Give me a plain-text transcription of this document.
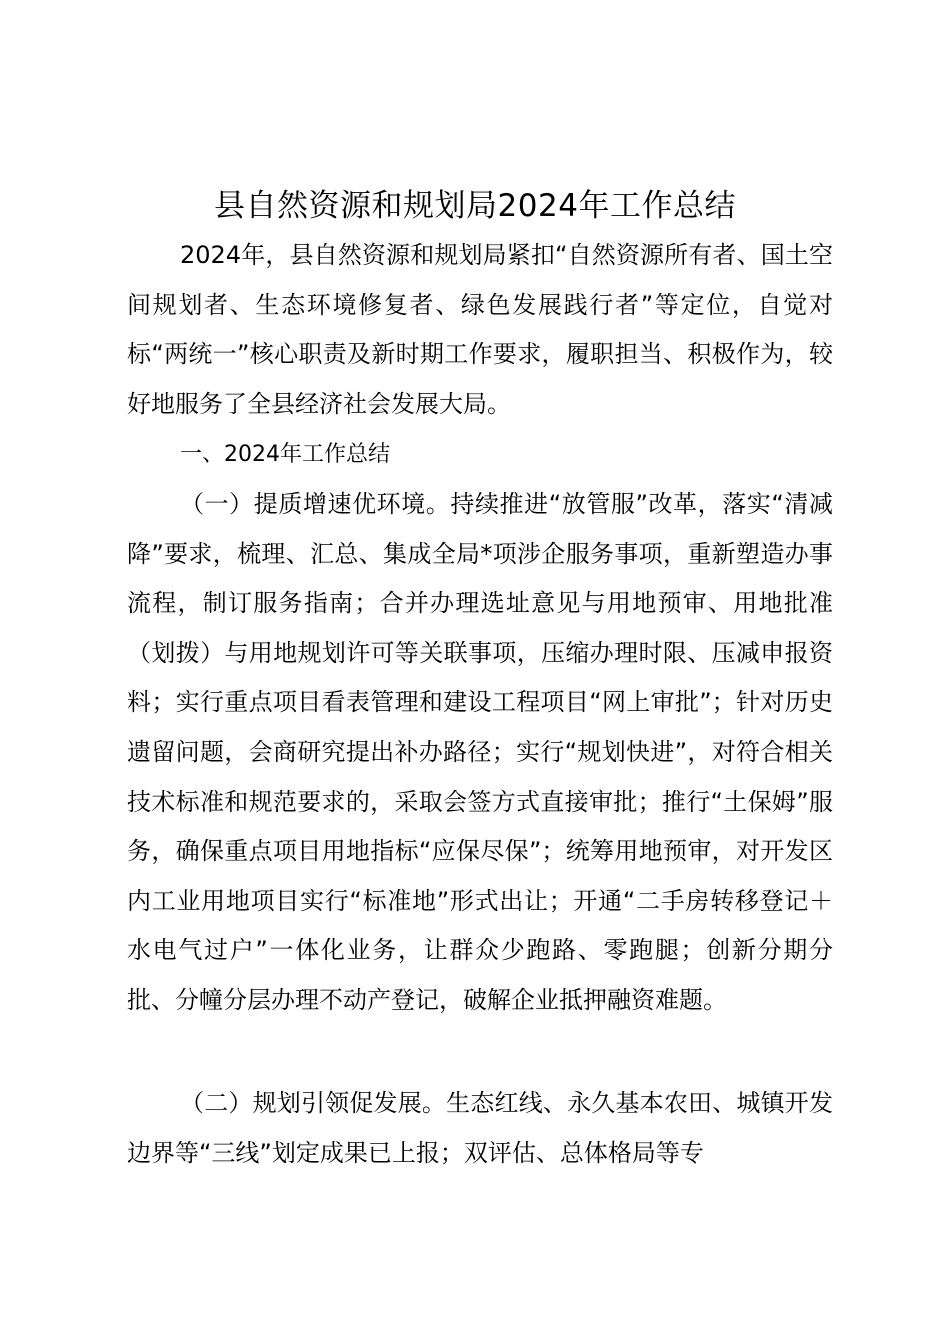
县自然资源和规划局2024年工作总结
2024年，县自然资源和规划局紧扣“自然资源所有者、国土空间规划者、生态环境修复者、绿色发展践行者”等定位，自觉对标“两统一”核心职责及新时期工作要求，履职担当、积极作为，较好地服务了全县经济社会发展大局。
一、2024年工作总结
（一）提质增速优环境。持续推进“放管服”改革，落实“清减降”要求，梳理、汇总、集成全局*项涉企服务事项，重新塑造办事流程，制订服务指南；合并办理选址意见与用地预审、用地批准（划拨）与用地规划许可等关联事项，压缩办理时限、压减申报资料；实行重点项目看表管理和建设工程项目“网上审批”；针对历史遗留问题，会商研究提出补办路径；实行“规划快进”，对符合相关技术标准和规范要求的，采取会签方式直接审批；推行“土保姆”服务，确保重点项目用地指标“应保尽保”；统筹用地预审，对开发区内工业用地项目实行“标准地”形式出让；开通“二手房转移登记＋水电气过户”一体化业务，让群众少跑路、零跑腿；创新分期分批、分幢分层办理不动产登记，破解企业抵押融资难题。
（二）规划引领促发展。生态红线、永久基本农田、城镇开发边界等“三线”划定成果已上报；双评估、总体格局等专
